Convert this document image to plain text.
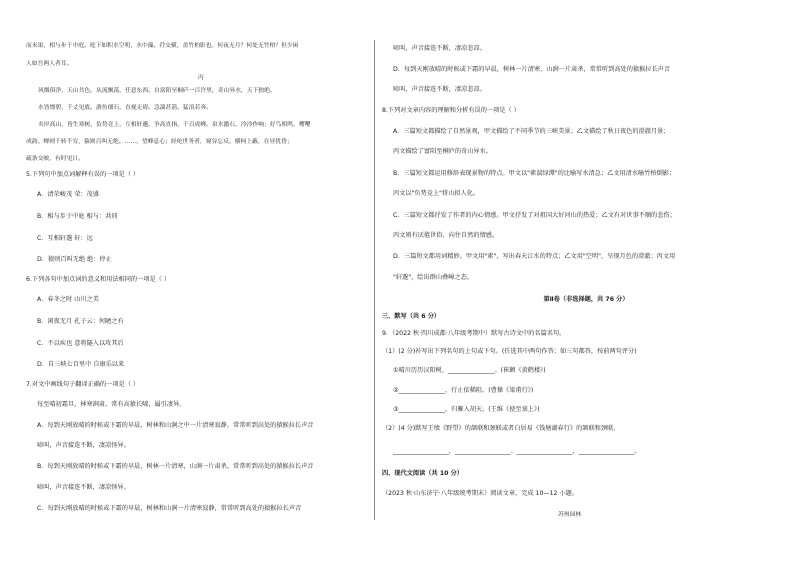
而未果，相与步于中庭。庭下如积水空明，水中藻、荇交横，盖竹柏影也。何夜无月？何处无竹柏？但少闲
人如吾两人者耳。
丙
风烟俱净，天山共色。从流飘荡，任意东西。自富阳至桐庐一百许里，奇山异水，天下独绝。
水皆缥碧，千丈见底。游鱼细石，直视无碍。急湍甚箭，猛浪若奔。
夹岸高山，皆生寒树，负势竞上，互相轩邈，争高直指，千百成峰。泉水激石，泠泠作响；好鸟相鸣，嘤嘤
成韵。蝉则千转不穷，猿则百叫无绝。……，望峰息心；经纶世务者，窥谷忘反。横柯上蔽，在昼犹昏；
疏条交映，有时见日。
5.下列句中加点词解释有误的一项是（ ）
A．清荣峻茂 荣：茂盛
B．相与步于中庭 相与：共同
C．互相轩邈 轩：远
D．猿则百叫无绝 绝：停止
6.下列各句中加点词的意义和用法相同的一项是（ ）
A．春冬之时 山川之美
B．闲夜无月 孔子云：何陋之有
C．不以疾也 意将隧入以攻其后
D．自三峡七百里中 自康乐以来
7.对文中画线句子翻译正确的一项是（ ）
每至晴初霜旦，林寒涧肃，常有高猿长啸，属引凄异。
A．每到天刚放晴的时候或下霜的早晨，树林和山涧之中一片清寒寂静，常常听到高处的猿猴拉长声音
啼叫，声音接连不断，凄凉怪异。
B．每到天刚放晴的时候或下霜的早晨，树林一片清寒，山涧一片肃杀，常常听到高处的猿猴拉长声音
啼叫，声音接连不断，凄凉怪异。
C．每到天刚放晴的时候或下霜的早晨，树林和山涧一片清寒寂静，常常听到高处的猿猴拉长声音
啼叫，声音接连不断，凄凉悲凉。
D．每到天刚放晴的时候或下霜的早晨，树林一片清寒，山涧一片肃杀，常常听到高处的猿猴拉长声音
啼叫，声音接连不断，凄凉悲凉。
8.下列对文章内容的理解和分析有误的一项是（ ）
A．三篇短文都描绘了自然景观，甲文描绘了不同季节的三峡美景；乙文描绘了秋日夜色的澄澈月景；
丙文描绘了富阳至桐庐的奇山异水。
B．三篇短文都运用修辞表现景物的特点。甲文以"素湍绿潭"的比喻写水清急；乙文用清水喻竹柏倒影；
丙文以"负势竞上"将山拟人化。
C．三篇短文都抒发了作者的内心情感。甲文抒发了对祖国大好河山的热爱；乙文有对世事不顺的悲伤；
丙文则有厌倦世俗、向往自然的情感。
D．三篇短文都用词精妙。甲文用"素"，写出春天江水的特点；乙文用"空明"，呈现月色的澄澈；丙文用
"轩邈"，绘出群山叠嶂之态。
第Ⅱ卷（非选择题，共 76 分）
三、默写（共 6 分）
9．（2022 秋·四川成都·八年级考期中）默写古诗文中的名篇名句。
（1）(2 分)补写出下列名句的上句或下句。(任选其中两句作答；如三句都答，按前两句评分)
①晴川历历汉阳树，_______________。(崔颢《黄鹤楼》)
②_______________，行止依稀阻。(曹操《梁甫行》)
③_______________，归雁入胡天。(王维《使至塞上》)
（2）(4 分)默写王绩《野望》的颔联和颈联或者白居易《钱塘湖春行》的颔联和颈联。
__________________，__________________。__________________，__________________。
四、现代文阅读（共 10 分）
（2023 秋·山东济宁·八年级统考期末）阅读文章，完成 10—12 小题。
苏州园林
